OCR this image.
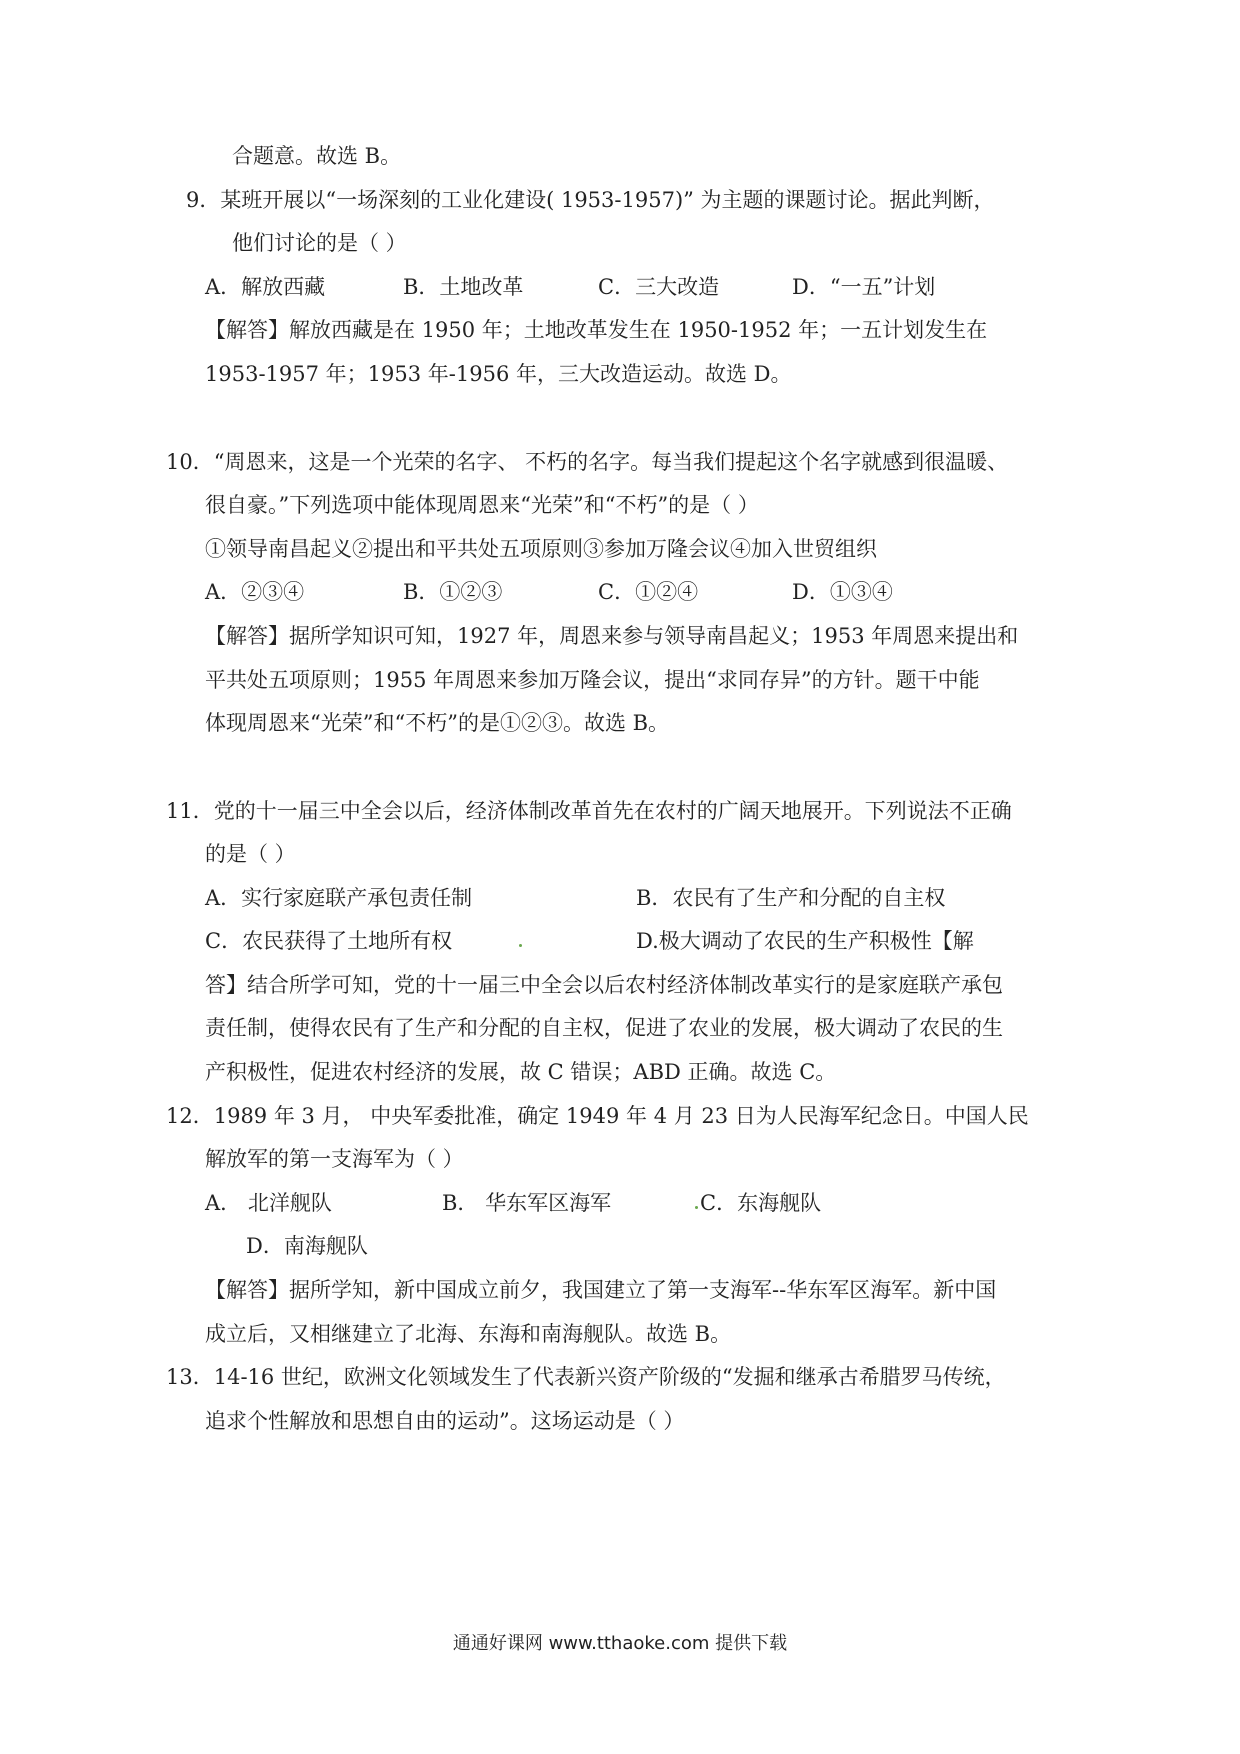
合题意。故选 B。
9．某班开展以“一场深刻的工业化建设( 1953-1957)” 为主题的课题讨论。据此判断，
他们讨论的是（ ）
A．解放西藏	B．土地改革	C．三大改造	D．“一五”计划
【解答】解放西藏是在 1950 年；土地改革发生在 1950-1952 年；一五计划发生在
1953-1957 年；1953 年-1956 年，三大改造运动。故选 D。
10．“周恩来，这是一个光荣的名字、 不朽的名字。每当我们提起这个名字就感到很温暖、
很自豪。”下列选项中能体现周恩来“光荣”和“不朽”的是（ ）
①领导南昌起义②提出和平共处五项原则③参加万隆会议④加入世贸组织
A．②③④	B．①②③	C．①②④	D．①③④
【解答】据所学知识可知，1927 年，周恩来参与领导南昌起义；1953 年周恩来提出和
平共处五项原则；1955 年周恩来参加万隆会议，提出“求同存异”的方针。题干中能
体现周恩来“光荣”和“不朽”的是①②③。故选 B。
11．党的十一届三中全会以后，经济体制改革首先在农村的广阔天地展开。下列说法不正确
的是（ ）
A．实行家庭联产承包责任制	B．农民有了生产和分配的自主权
C．农民获得了土地所有权	D.极大调动了农民的生产积极性【解
答】结合所学可知，党的十一届三中全会以后农村经济体制改革实行的是家庭联产承包
责任制，使得农民有了生产和分配的自主权，促进了农业的发展，极大调动了农民的生
产积极性，促进农村经济的发展，故 C 错误；ABD 正确。故选 C。
12．1989 年 3 月， 中央军委批准，确定 1949 年 4 月 23 日为人民海军纪念日。中国人民
解放军的第一支海军为（ ）
A． 北洋舰队	B． 华东军区海军	C．东海舰队
D．南海舰队
【解答】据所学知，新中国成立前夕，我国建立了第一支海军--华东军区海军。新中国
成立后，又相继建立了北海、东海和南海舰队。故选 B。
13．14-16 世纪，欧洲文化领域发生了代表新兴资产阶级的“发掘和继承古希腊罗马传统，
追求个性解放和思想自由的运动”。这场运动是（ ）
通通好课网 www.tthaoke.com 提供下载
